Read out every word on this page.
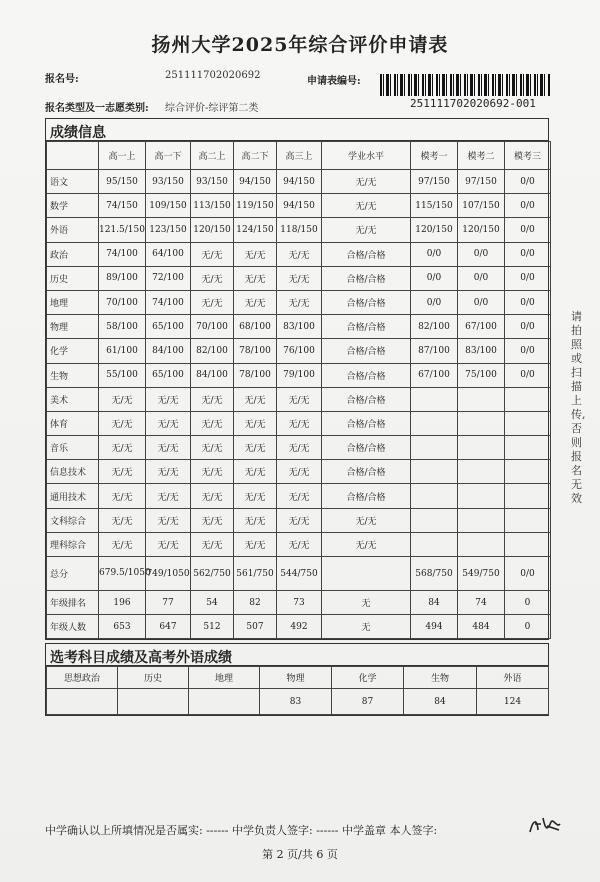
扬州大学2025年综合评价申请表
报名号:	251111702020692
申请表编号:
251111702020692-001
报名类型及一志愿类别: 综合评价-综评第二类
成绩信息
	高一上	高一下	高二上	高二下	高三上	学业水平	模考一	模考二	模考三
语文	95/150	93/150	93/150	94/150	94/150	无/无	97/150	97/150	0/0
数学	74/150	109/150	113/150	119/150	94/150	无/无	115/150	107/150	0/0
外语	121.5/150	123/150	120/150	124/150	118/150	无/无	120/150	120/150	0/0
政治	74/100	64/100	无/无	无/无	无/无	合格/合格	0/0	0/0	0/0
历史	89/100	72/100	无/无	无/无	无/无	合格/合格	0/0	0/0	0/0
地理	70/100	74/100	无/无	无/无	无/无	合格/合格	0/0	0/0	0/0
物理	58/100	65/100	70/100	68/100	83/100	合格/合格	82/100	67/100	0/0
化学	61/100	84/100	82/100	78/100	76/100	合格/合格	87/100	83/100	0/0
生物	55/100	65/100	84/100	78/100	79/100	合格/合格	67/100	75/100	0/0
美术	无/无	无/无	无/无	无/无	无/无	合格/合格			
体育	无/无	无/无	无/无	无/无	无/无	合格/合格			
音乐	无/无	无/无	无/无	无/无	无/无	合格/合格			
信息技术	无/无	无/无	无/无	无/无	无/无	合格/合格			
通用技术	无/无	无/无	无/无	无/无	无/无	合格/合格			
文科综合	无/无	无/无	无/无	无/无	无/无	无/无			
理科综合	无/无	无/无	无/无	无/无	无/无	无/无			
总分	679.5/1050	749/1050	562/750	561/750	544/750		568/750	549/750	0/0
年级排名	196	77	54	82	73	无	84	74	0
年级人数	653	647	512	507	492	无	494	484	0
选考科目成绩及高考外语成绩
思想政治	历史	地理	物理	化学	生物	外语
			83	87	84	124
请拍照或扫描上传,否则报名无效
中学确认以上所填情况是否属实: ------ 中学负责人签字: ------ 中学盖章 本人签字:
第 2 页/共 6 页
